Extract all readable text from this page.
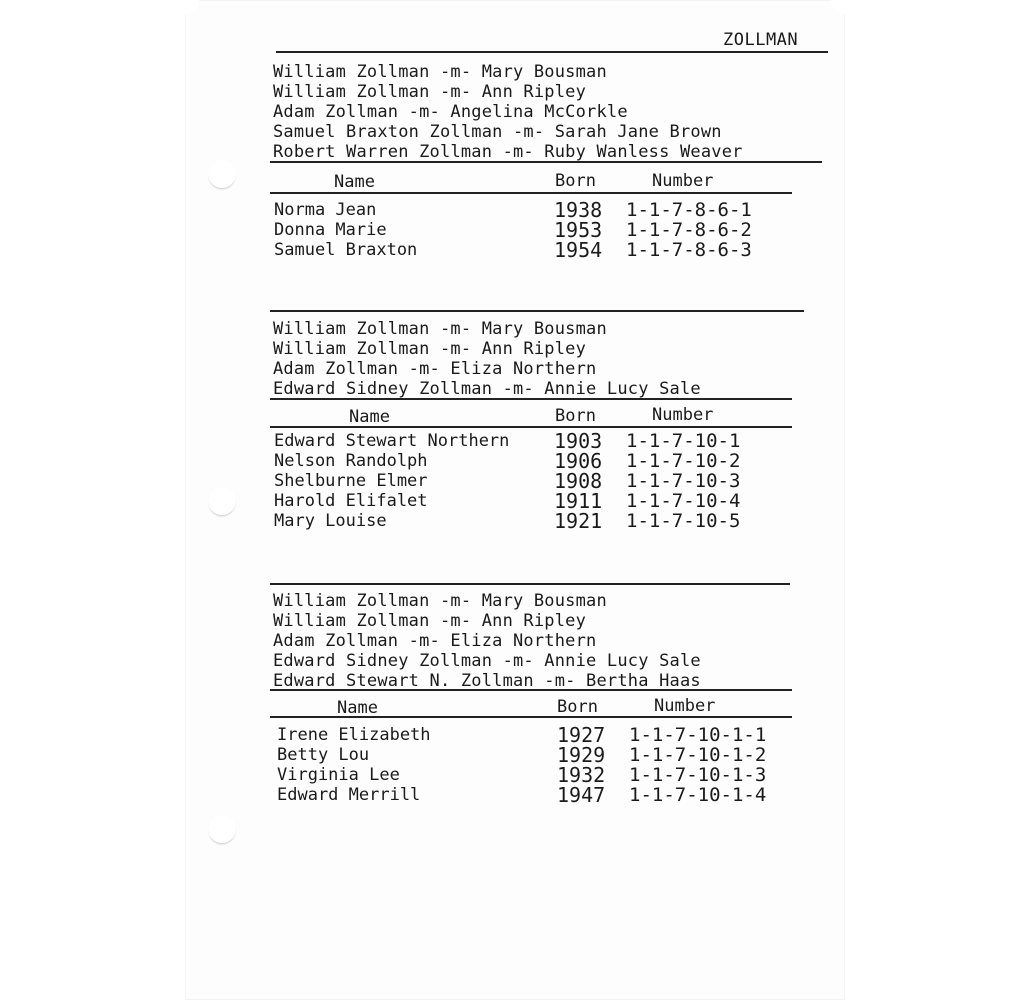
ZOLLMAN
William Zollman -m- Mary Bousman
William Zollman -m- Ann Ripley
Adam Zollman -m- Angelina McCorkle
Samuel Braxton Zollman -m- Sarah Jane Brown
Robert Warren Zollman -m- Ruby Wanless Weaver
Name	Born	Number
Norma Jean	1938 1-1-7-8-6-1
Donna Marie	1953 1-1-7-8-6-2
Samuel Braxton	1954 1-1-7-8-6-3
William Zollman -m- Mary Bousman
William Zollman -m- Ann Ripley
Adam Zollman -m- Eliza Northern
Edward Sidney Zollman -m- Annie Lucy Sale
Name	Born	Number
Edward Stewart Northern 1903 1-1-7-10-1
Nelson Randolph	1906 1-1-7-10-2
Shelburne Elmer	1908 1-1-7-10-3
Harold Elifalet	1911 1-1-7-10-4
Mary Louise	1921 1-1-7-10-5
William Zollman -m- Mary Bousman
William Zollman -m- Ann Ripley
Adam Zollman -m- Eliza Northern
Edward Sidney Zollman -m- Annie Lucy Sale
Edward Stewart N. Zollman -m- Bertha Haas
Name	Born	Number
Irene Elizabeth	1927 1-1-7-10-1-1
Betty Lou	1929 1-1-7-10-1-2
Virginia Lee	1932 1-1-7-10-1-3
Edward Merrill	1947 1-1-7-10-1-4
